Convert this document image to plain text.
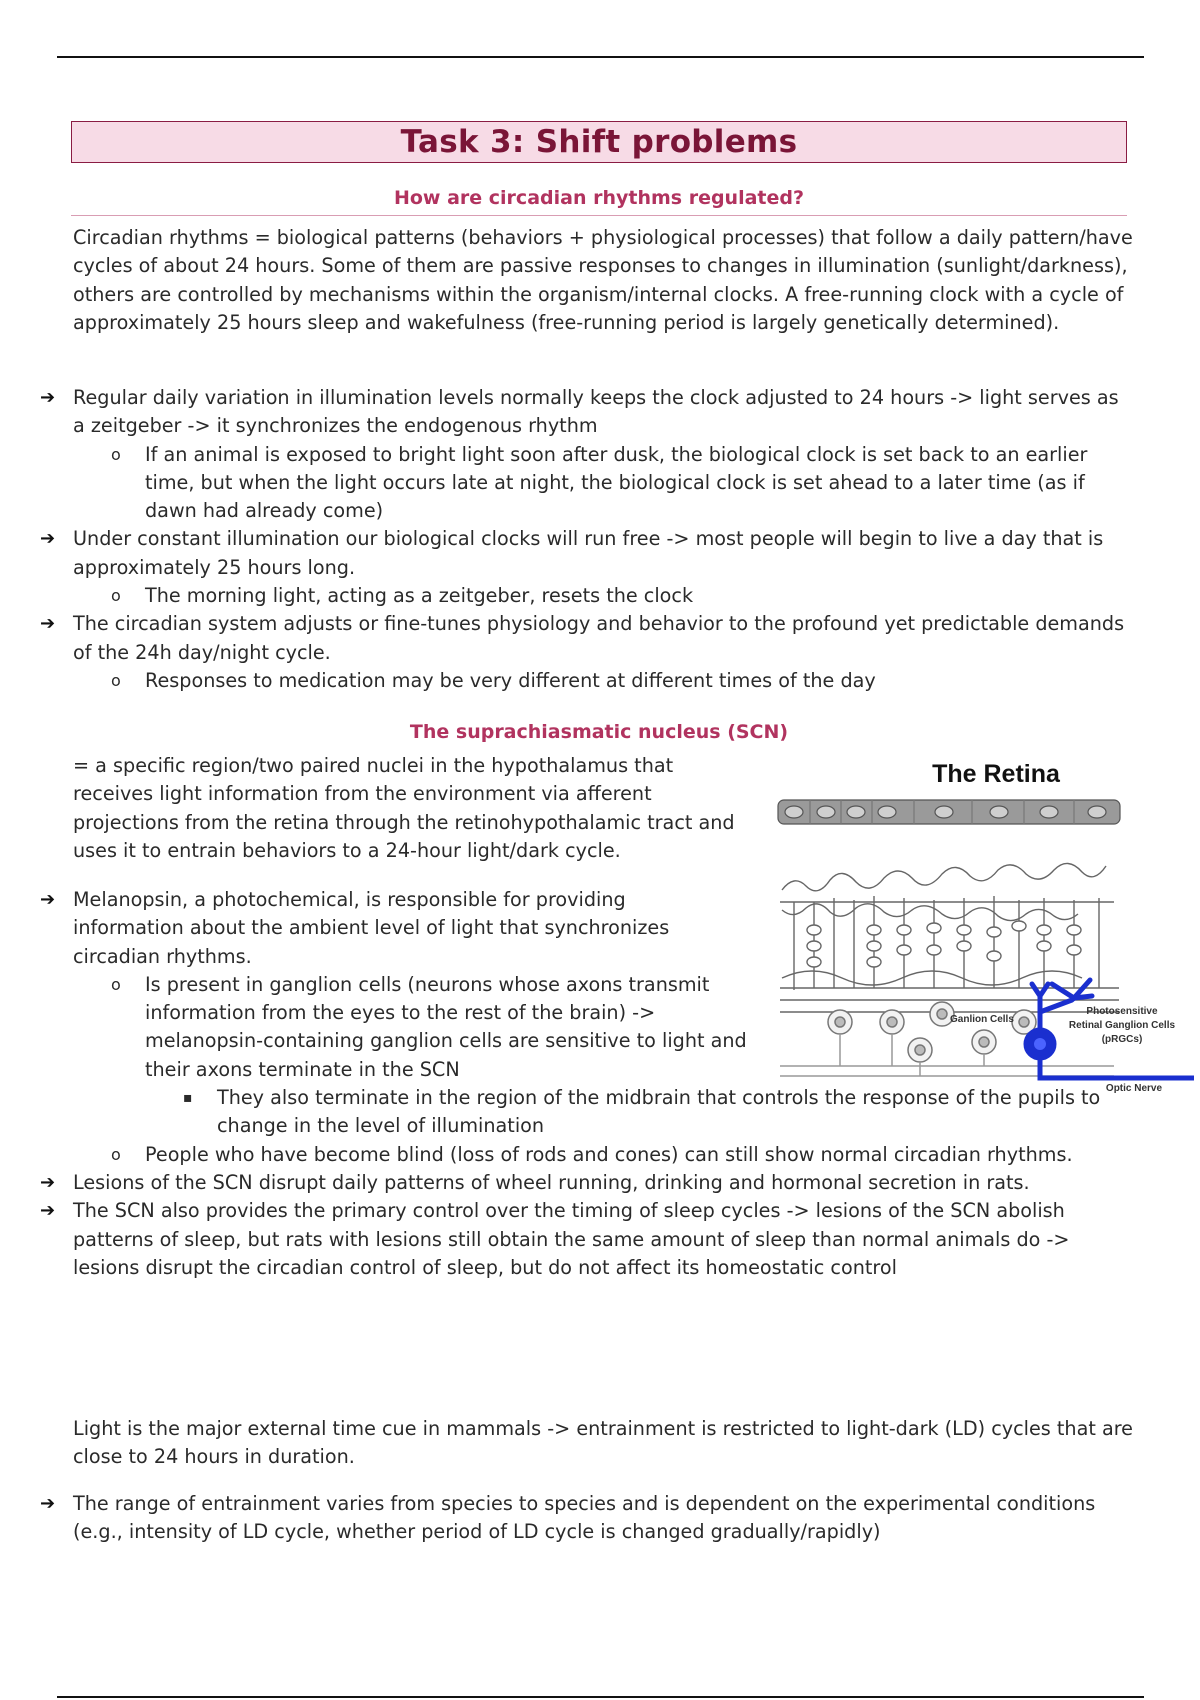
Task 3: Shift problems
How are circadian rhythms regulated?

Circadian rhythms = biological patterns (behaviors + physiological processes) that follow a daily pattern/have cycles of about 24 hours. Some of them are passive responses to changes in illumination (sunlight/darkness), others are controlled by mechanisms within the organism/internal clocks. A free-running clock with a cycle of approximately 25 hours sleep and wakefulness (free-running period is largely genetically determined).

➔ Regular daily variation in illumination levels normally keeps the clock adjusted to 24 hours -> light serves as a zeitgeber -> it synchronizes the endogenous rhythm
o If an animal is exposed to bright light soon after dusk, the biological clock is set back to an earlier time, but when the light occurs late at night, the biological clock is set ahead to a later time (as if dawn had already come)
➔ Under constant illumination our biological clocks will run free -> most people will begin to live a day that is approximately 25 hours long.
o The morning light, acting as a zeitgeber, resets the clock
➔ The circadian system adjusts or fine-tunes physiology and behavior to the profound yet predictable demands of the 24h day/night cycle.
o Responses to medication may be very different at different times of the day
The suprachiasmatic nucleus (SCN)

= a specific region/two paired nuclei in the hypothalamus that receives light information from the environment via afferent projections from the retina through the retinohypothalamic tract and uses it to entrain behaviors to a 24-hour light/dark cycle.

➔ Melanopsin, a photochemical, is responsible for providing information about the ambient level of light that synchronizes circadian rhythms.
o Is present in ganglion cells (neurons whose axons transmit information from the eyes to the rest of the brain) -> melanopsin-containing ganglion cells are sensitive to light and their axons terminate in the SCN
▪ They also terminate in the region of the midbrain that controls the response of the pupils to change in the level of illumination
o People who have become blind (loss of rods and cones) can still show normal circadian rhythms.
➔ Lesions of the SCN disrupt daily patterns of wheel running, drinking and hormonal secretion in rats.
➔ The SCN also provides the primary control over the timing of sleep cycles -> lesions of the SCN abolish patterns of sleep, but rats with lesions still obtain the same amount of sleep than normal animals do -> lesions disrupt the circadian control of sleep, but do not affect its homeostatic control

Light is the major external time cue in mammals -> entrainment is restricted to light-dark (LD) cycles that are close to 24 hours in duration.

➔ The range of entrainment varies from species to species and is dependent on the experimental conditions (e.g., intensity of LD cycle, whether period of LD cycle is changed gradually/rapidly)
The Retina
Ganlion Cells
Photosensitive
Retinal Ganglion Cells
(pRGCs)
Optic Nerve
